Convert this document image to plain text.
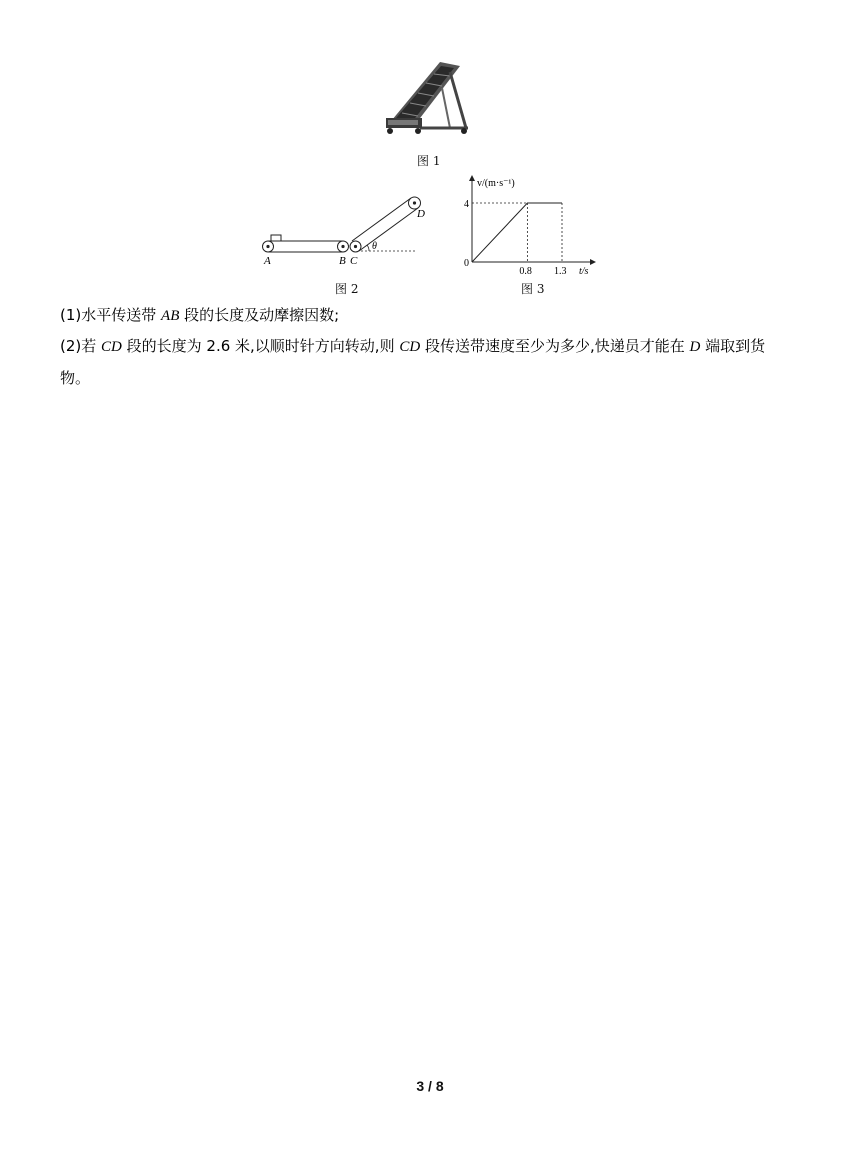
图 1
θ
A	B C
D
图 2
v/(m·s⁻¹)
t/s
0
4
0.8 1.3
图 3
(1)水平传送带 AB 段的长度及动摩擦因数;
(2)若 CD 段的长度为 2.6 米,以顺时针方向转动,则 CD 段传送带速度至少为多少,快递员才能在 D 端取到货
物。
3 / 8
